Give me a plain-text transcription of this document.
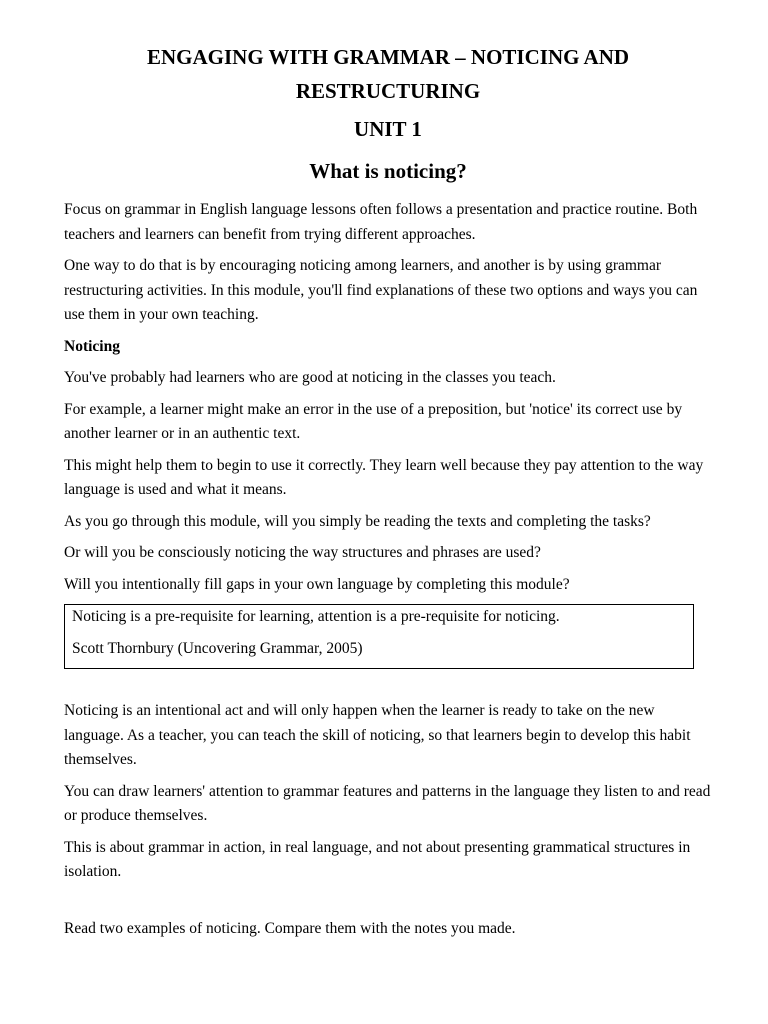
ENGAGING WITH GRAMMAR – NOTICING AND RESTRUCTURING
UNIT 1
What is noticing?

Focus on grammar in English language lessons often follows a presentation and practice routine. Both teachers and learners can benefit from trying different approaches.

One way to do that is by encouraging noticing among learners, and another is by using grammar restructuring activities. In this module, you'll find explanations of these two options and ways you can use them in your own teaching.

Noticing

You've probably had learners who are good at noticing in the classes you teach.

For example, a learner might make an error in the use of a preposition, but 'notice' its correct use by another learner or in an authentic text.

This might help them to begin to use it correctly. They learn well because they pay attention to the way language is used and what it means.

As you go through this module, will you simply be reading the texts and completing the tasks?

Or will you be consciously noticing the way structures and phrases are used?

Will you intentionally fill gaps in your own language by completing this module?

Noticing is a pre-requisite for learning, attention is a pre-requisite for noticing.

Scott Thornbury (Uncovering Grammar, 2005)

Noticing is an intentional act and will only happen when the learner is ready to take on the new language. As a teacher, you can teach the skill of noticing, so that learners begin to develop this habit themselves.

You can draw learners' attention to grammar features and patterns in the language they listen to and read or produce themselves.

This is about grammar in action, in real language, and not about presenting grammatical structures in isolation.

Read two examples of noticing. Compare them with the notes you made.
